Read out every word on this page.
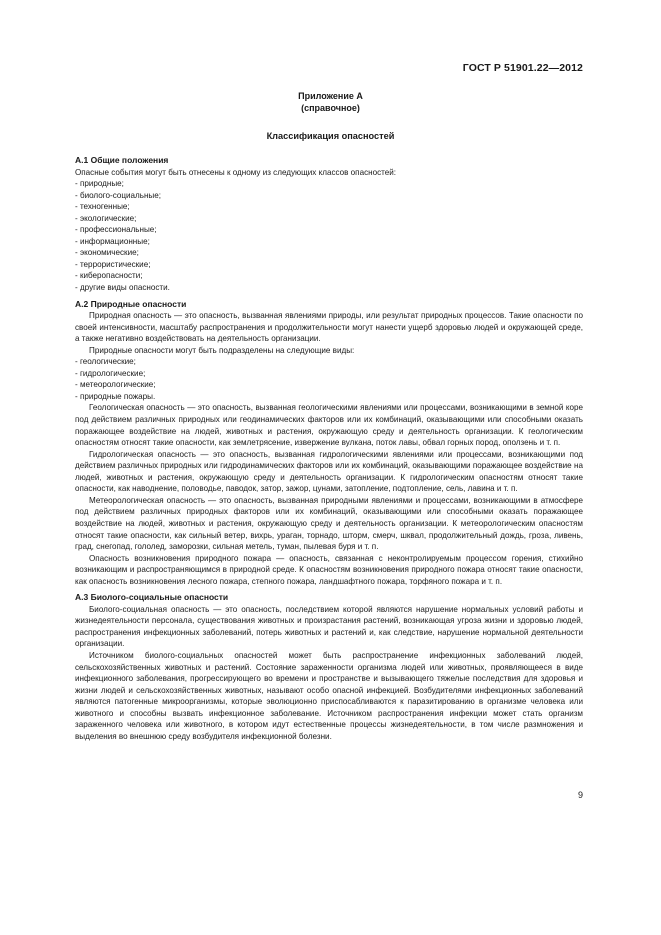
ГОСТ Р 51901.22—2012
Приложение А
(справочное)
Классификация опасностей

А.1 Общие положения

Опасные события могут быть отнесены к одному из следующих классов опасностей:

- природные;

- биолого-социальные;

- техногенные;

- экологические;

- профессиональные;

- информационные;

- экономические;

- террористические;

- киберопасности;

- другие виды опасности.

А.2 Природные опасности

Природная опасность — это опасность, вызванная явлениями природы, или результат природных процессов. Такие опасности по своей интенсивности, масштабу распространения и продолжительности могут нанести ущерб здоровью людей и окружающей среде, а также негативно воздействовать на деятельность организации.

Природные опасности могут быть подразделены на следующие виды:

- геологические;

- гидрологические;

- метеорологические;

- природные пожары.

Геологическая опасность — это опасность, вызванная геологическими явлениями или процессами, возникающими в земной коре под действием различных природных или геодинамических факторов или их комбинаций, оказывающими или способными оказать поражающее воздействие на людей, животных и растения, окружающую среду и деятельность организации. К геологическим опасностям относят такие опасности, как землетрясение, извержение вулкана, поток лавы, обвал горных пород, оползень и т. п.

Гидрологическая опасность — это опасность, вызванная гидрологическими явлениями или процессами, возникающими под действием различных природных или гидродинамических факторов или их комбинаций, оказывающими поражающее воздействие на людей, животных и растения, окружающую среду и деятельность организации. К гидрологическим опасностям относят такие опасности, как наводнение, половодье, паводок, затор, зажор, цунами, затопление, подтопление, сель, лавина и т. п.

Метеорологическая опасность — это опасность, вызванная природными явлениями и процессами, возникающими в атмосфере под действием различных природных факторов или их комбинаций, оказывающими или способными оказать поражающее воздействие на людей, животных и растения, окружающую среду и деятельность организации. К метеорологическим опасностям относят такие опасности, как сильный ветер, вихрь, ураган, торнадо, шторм, смерч, шквал, продолжительный дождь, гроза, ливень, град, снегопад, гололед, заморозки, сильная метель, туман, пылевая буря и т. п.

Опасность возникновения природного пожара — опасность, связанная с неконтролируемым процессом горения, стихийно возникающим и распространяющимся в природной среде. К опасностям возникновения природного пожара относят такие опасности, как опасность возникновения лесного пожара, степного пожара, ландшафтного пожара, торфяного пожара и т. п.

А.3 Биолого-социальные опасности

Биолого-социальная опасность — это опасность, последствием которой являются нарушение нормальных условий работы и жизнедеятельности персонала, существования животных и произрастания растений, возникающая угроза жизни и здоровью людей, распространения инфекционных заболеваний, потерь животных и растений и, как следствие, нарушение нормальной деятельности организации.

Источником биолого-социальных опасностей может быть распространение инфекционных заболеваний людей, сельскохозяйственных животных и растений. Состояние зараженности организма людей или животных, проявляющееся в виде инфекционного заболевания, прогрессирующего во времени и пространстве и вызывающего тяжелые последствия для здоровья и жизни людей и сельскохозяйственных животных, называют особо опасной инфекцией. Возбудителями инфекционных заболеваний являются патогенные микроорганизмы, которые эволюционно приспосабливаются к паразитированию в организме человека или животного и способны вызвать инфекционное заболевание. Источником распространения инфекции может стать организм зараженного человека или животного, в котором идут естественные процессы жизнедеятельности, в том числе размножения и выделения во внешнюю среду возбудителя инфекционной болезни.

9
